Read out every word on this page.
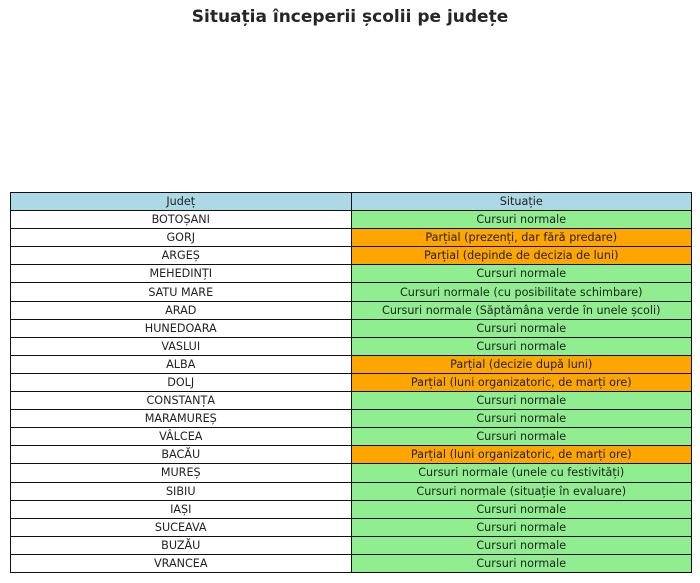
Situația începerii școlii pe județe
Județ	Situație
BOTOȘANI	Cursuri normale
GORJ	Parțial (prezenți, dar fără predare)
ARGEȘ	Parțial (depinde de decizia de luni)
MEHEDINȚI	Cursuri normale
SATU MARE	Cursuri normale (cu posibilitate schimbare)
ARAD	Cursuri normale (Săptămâna verde în unele școli)
HUNEDOARA	Cursuri normale
VASLUI	Cursuri normale
ALBA	Parțial (decizie după luni)
DOLJ	Parțial (luni organizatoric, de marți ore)
CONSTANȚA	Cursuri normale
MARAMUREȘ	Cursuri normale
VÂLCEA	Cursuri normale
BACĂU	Parțial (luni organizatoric, de marți ore)
MUREȘ	Cursuri normale (unele cu festivități)
SIBIU	Cursuri normale (situație în evaluare)
IAȘI	Cursuri normale
SUCEAVA	Cursuri normale
BUZĂU	Cursuri normale
VRANCEA	Cursuri normale
